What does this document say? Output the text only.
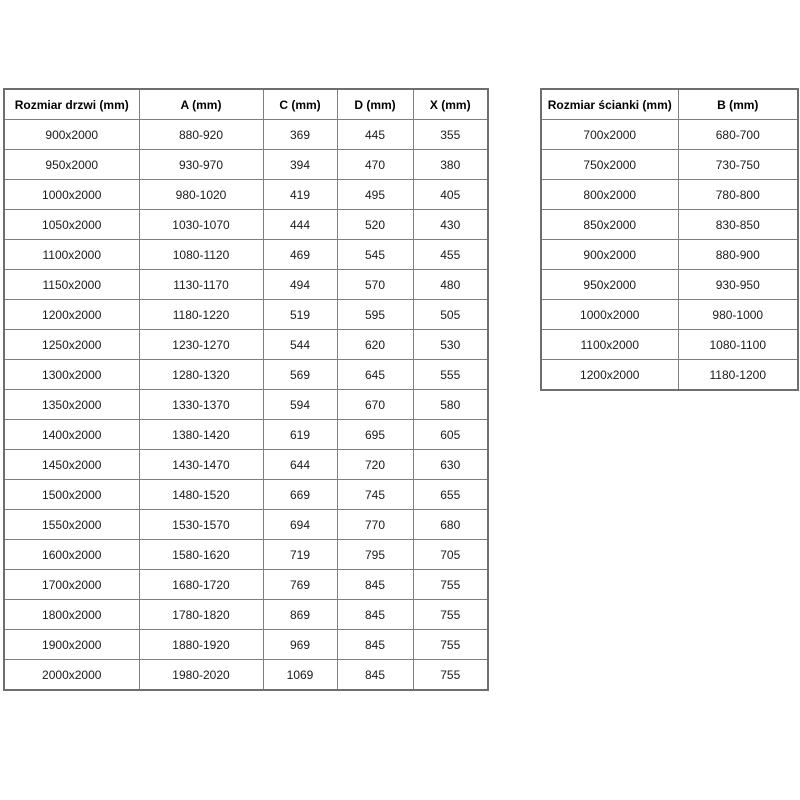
Rozmiar drzwi (mm)	A (mm)	C (mm)	D (mm)	X (mm)
900x2000	880-920	369	445	355
950x2000	930-970	394	470	380
1000x2000	980-1020	419	495	405
1050x2000	1030-1070	444	520	430
1100x2000	1080-1120	469	545	455
1150x2000	1130-1170	494	570	480
1200x2000	1180-1220	519	595	505
1250x2000	1230-1270	544	620	530
1300x2000	1280-1320	569	645	555
1350x2000	1330-1370	594	670	580
1400x2000	1380-1420	619	695	605
1450x2000	1430-1470	644	720	630
1500x2000	1480-1520	669	745	655
1550x2000	1530-1570	694	770	680
1600x2000	1580-1620	719	795	705
1700x2000	1680-1720	769	845	755
1800x2000	1780-1820	869	845	755
1900x2000	1880-1920	969	845	755
2000x2000	1980-2020	1069	845	755
Rozmiar ścianki (mm)	B (mm)
700x2000	680-700
750x2000	730-750
800x2000	780-800
850x2000	830-850
900x2000	880-900
950x2000	930-950
1000x2000	980-1000
1100x2000	1080-1100
1200x2000	1180-1200
